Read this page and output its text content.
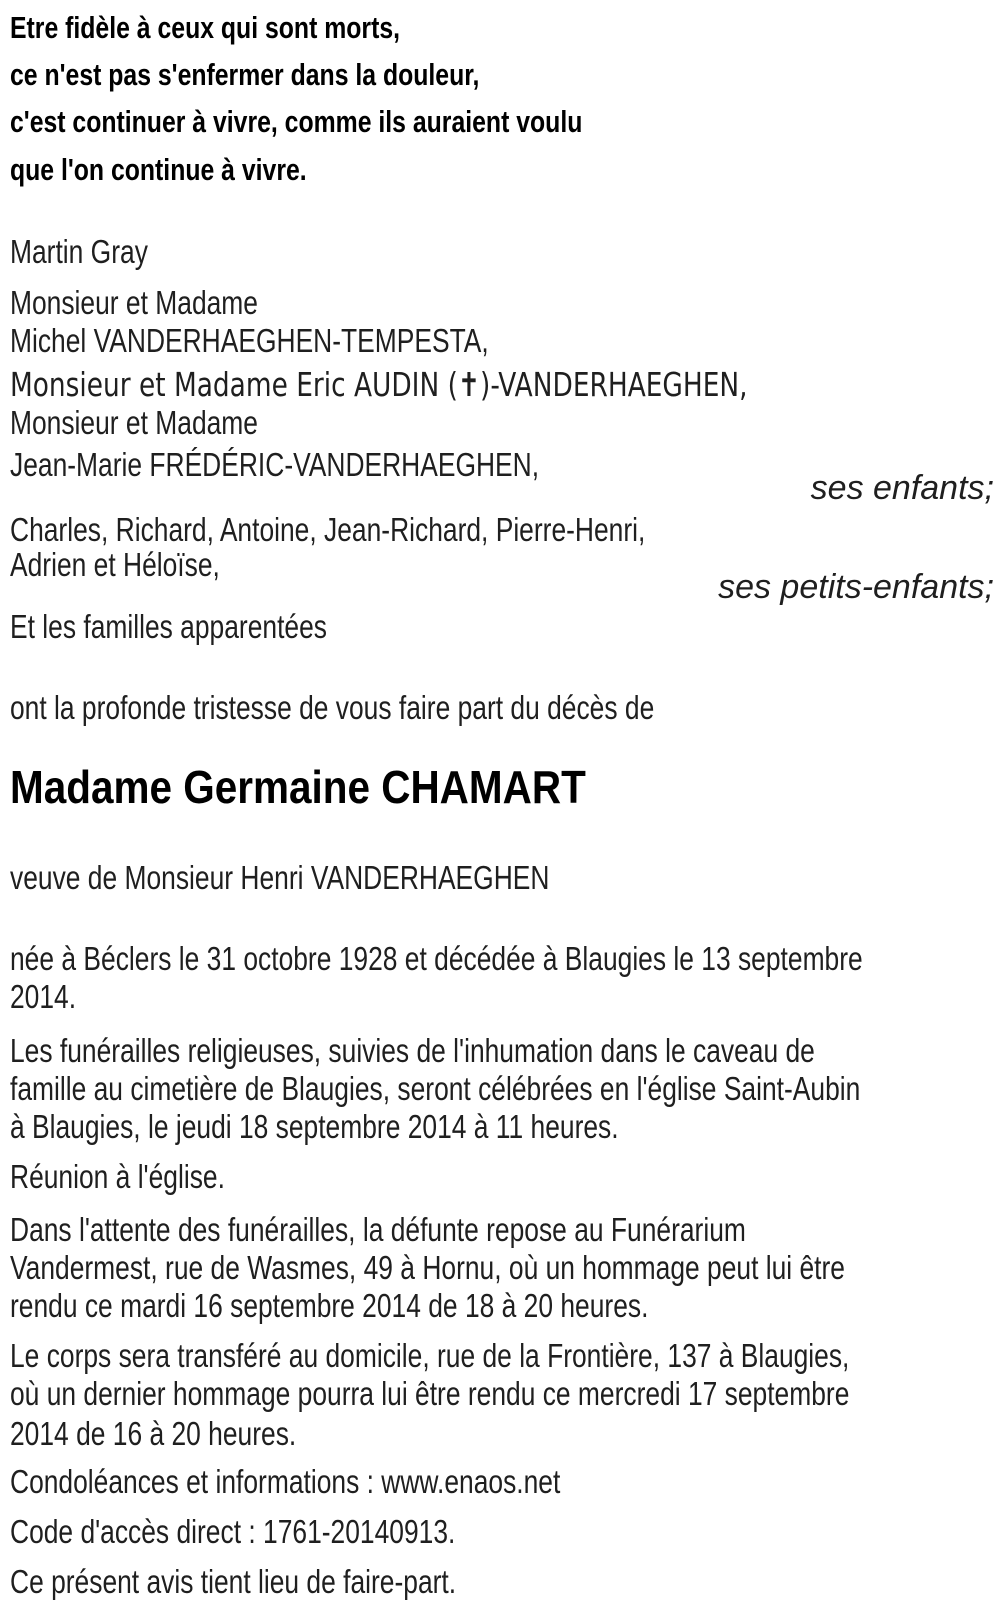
Etre fidèle à ceux qui sont morts,
ce n'est pas s'enfermer dans la douleur,
c'est continuer à vivre, comme ils auraient voulu
que l'on continue à vivre.
Martin Gray
Monsieur et Madame
Michel VANDERHAEGHEN-TEMPESTA,
Monsieur et Madame Eric AUDIN (✝)-VANDERHAEGHEN,
Monsieur et Madame
Jean-Marie FRÉDÉRIC-VANDERHAEGHEN,
ses enfants;
Charles, Richard, Antoine, Jean-Richard, Pierre-Henri,
Adrien et Héloïse,
ses petits-enfants;
Et les familles apparentées
ont la profonde tristesse de vous faire part du décès de
Madame Germaine CHAMART
veuve de Monsieur Henri VANDERHAEGHEN
née à Béclers le 31 octobre 1928 et décédée à Blaugies le 13 septembre
2014.
Les funérailles religieuses, suivies de l'inhumation dans le caveau de
famille au cimetière de Blaugies, seront célébrées en l'église Saint-Aubin
à Blaugies, le jeudi 18 septembre 2014 à 11 heures.
Réunion à l'église.
Dans l'attente des funérailles, la défunte repose au Funérarium
Vandermest, rue de Wasmes, 49 à Hornu, où un hommage peut lui être
rendu ce mardi 16 septembre 2014 de 18 à 20 heures.
Le corps sera transféré au domicile, rue de la Frontière, 137 à Blaugies,
où un dernier hommage pourra lui être rendu ce mercredi 17 septembre
2014 de 16 à 20 heures.
Condoléances et informations : www.enaos.net
Code d'accès direct : 1761-20140913.
Ce présent avis tient lieu de faire-part.
